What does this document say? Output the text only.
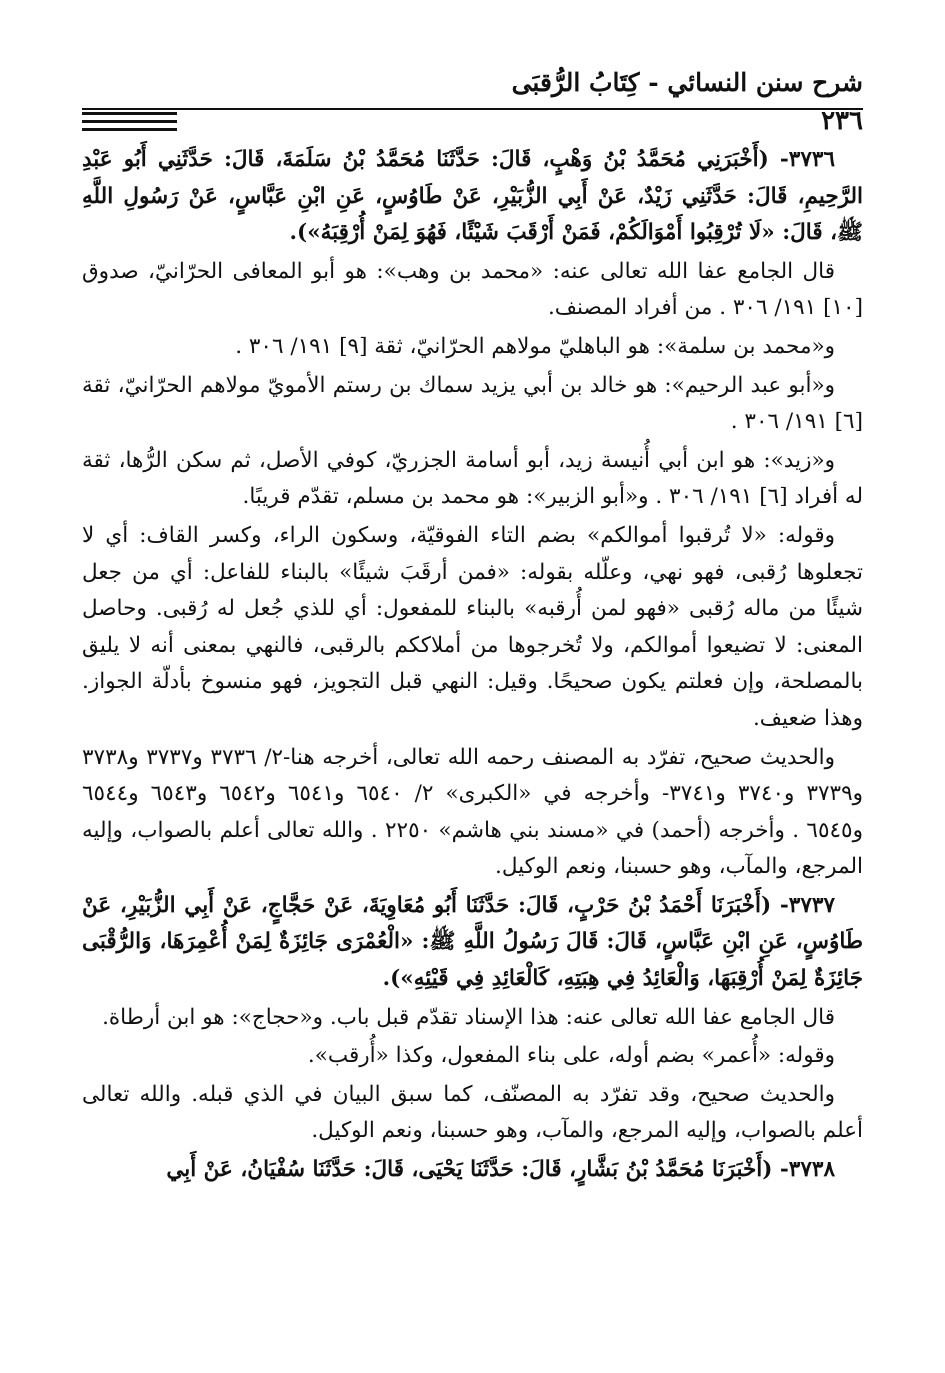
شرح سنن النسائي - كِتَابُ الرُّقبَى
٢٣٦

٣٧٣٦- (أَخْبَرَنِي مُحَمَّدُ بْنُ وَهْبٍ، قَالَ: حَدَّثَنَا مُحَمَّدُ بْنُ سَلَمَةَ، قَالَ: حَدَّثَنِي أَبُو عَبْدِ الرَّحِيمِ، قَالَ: حَدَّثَنِي زَيْدٌ، عَنْ أَبِي الزُّبَيْرِ، عَنْ طَاوُسٍ، عَنِ ابْنِ عَبَّاسٍ، عَنْ رَسُولِ اللَّهِ ﷺ، قَالَ: «لَا تُرْقِبُوا أَمْوَالَكُمْ، فَمَنْ أَرْقَبَ شَيْئًا، فَهُوَ لِمَنْ أُرْقِبَهُ»).

قال الجامع عفا الله تعالى عنه: «محمد بن وهب»: هو أبو المعافى الحرّانيّ، صدوق [١٠] ١٩١/ ٣٠٦ . من أفراد المصنف.

و«محمد بن سلمة»: هو الباهليّ مولاهم الحرّانيّ، ثقة [٩] ١٩١/ ٣٠٦ .

و«أبو عبد الرحيم»: هو خالد بن أبي يزيد سماك بن رستم الأمويّ مولاهم الحرّانيّ، ثقة [٦] ١٩١/ ٣٠٦ .

و«زيد»: هو ابن أبي أُنيسة زيد، أبو أسامة الجزريّ، كوفي الأصل، ثم سكن الرُّها، ثقة له أفراد [٦] ١٩١/ ٣٠٦ . و«أبو الزبير»: هو محمد بن مسلم، تقدّم قريبًا.

وقوله: «لا تُرقبوا أموالكم» بضم التاء الفوقيّة، وسكون الراء، وكسر القاف: أي لا تجعلوها رُقبى، فهو نهي، وعلّله بقوله: «فمن أرقَبَ شيئًا» بالبناء للفاعل: أي من جعل شيئًا من ماله رُقبى «فهو لمن أُرقبه» بالبناء للمفعول: أي للذي جُعل له رُقبى. وحاصل المعنى: لا تضيعوا أموالكم، ولا تُخرجوها من أملاككم بالرقبى، فالنهي بمعنى أنه لا يليق بالمصلحة، وإن فعلتم يكون صحيحًا. وقيل: النهي قبل التجويز، فهو منسوخ بأدلّة الجواز. وهذا ضعيف.

والحديث صحيح، تفرّد به المصنف رحمه الله تعالى، أخرجه هنا-٢/ ٣٧٣٦ و٣٧٣٧ و٣٧٣٨ و٣٧٣٩ و٣٧٤٠ و٣٧٤١- وأخرجه في «الكبرى» ٢/ ٦٥٤٠ و٦٥٤١ و٦٥٤٢ و٦٥٤٣ و٦٥٤٤ و٦٥٤٥ . وأخرجه (أحمد) في «مسند بني هاشم» ٢٢٥٠ . والله تعالى أعلم بالصواب، وإليه المرجع، والمآب، وهو حسبنا، ونعم الوكيل.

٣٧٣٧- (أَخْبَرَنَا أَحْمَدُ بْنُ حَرْبٍ، قَالَ: حَدَّثَنَا أَبُو مُعَاوِيَةَ، عَنْ حَجَّاجٍ، عَنْ أَبِي الزُّبَيْرِ، عَنْ طَاوُسٍ، عَنِ ابْنِ عَبَّاسٍ، قَالَ: قَالَ رَسُولُ اللَّهِ ﷺ: «الْعُمْرَى جَائِزَةٌ لِمَنْ أُعْمِرَهَا، وَالرُّقْبَى جَائِزَةٌ لِمَنْ أُرْقِبَهَا، وَالْعَائِدُ فِي هِبَتِهِ، كَالْعَائِدِ فِي قَيْئِهِ»).

قال الجامع عفا الله تعالى عنه: هذا الإسناد تقدّم قبل باب. و«حجاج»: هو ابن أرطاة.

وقوله: «أُعمر» بضم أوله، على بناء المفعول، وكذا «أُرقب».

والحديث صحيح، وقد تفرّد به المصنّف، كما سبق البيان في الذي قبله. والله تعالى أعلم بالصواب، وإليه المرجع، والمآب، وهو حسبنا، ونعم الوكيل.

٣٧٣٨- (أَخْبَرَنَا مُحَمَّدُ بْنُ بَشَّارٍ، قَالَ: حَدَّثَنَا يَحْيَى، قَالَ: حَدَّثَنَا سُفْيَانُ، عَنْ أَبِي
